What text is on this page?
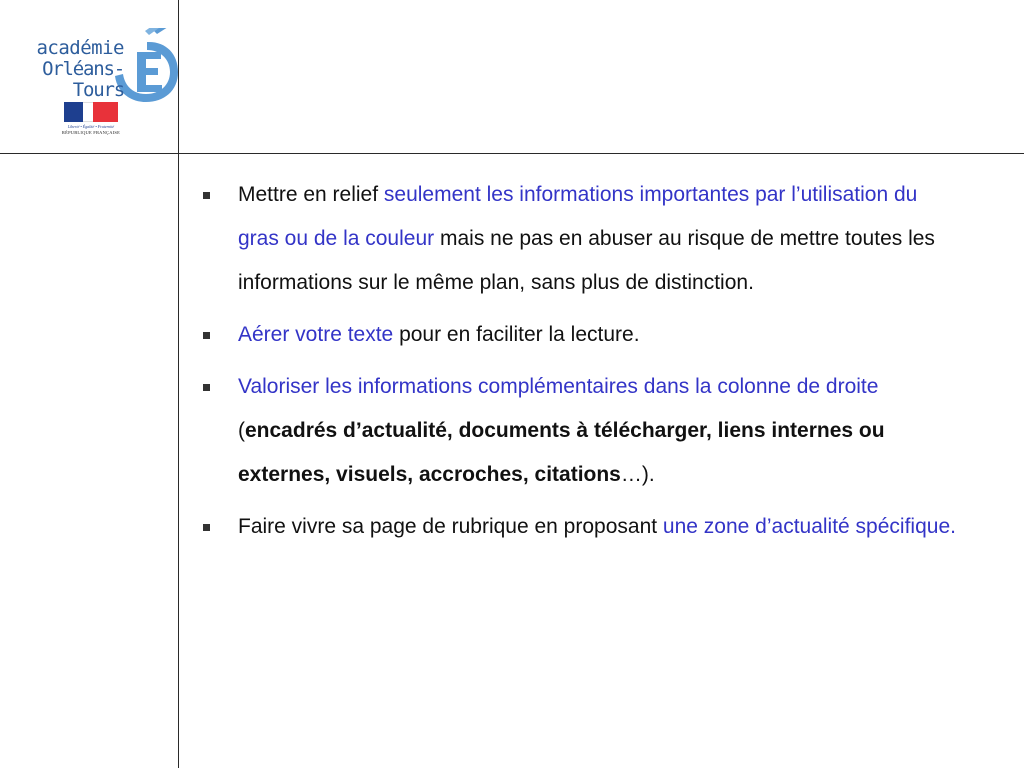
académie
Orléans-Tours
Liberté • Égalité • Fraternité
RÉPUBLIQUE FRANÇAISE
Mettre en relief seulement les informations importantes par l’utilisation du gras ou de la couleur mais ne pas en abuser au risque de mettre toutes les informations sur le même plan, sans plus de distinction.
Aérer votre texte pour en faciliter la lecture.
Valoriser les informations complémentaires dans la colonne de droite (encadrés d’actualité, documents à télécharger, liens internes ou externes, visuels, accroches, citations…).
Faire vivre sa page de rubrique en proposant une zone d’actualité spécifique.
